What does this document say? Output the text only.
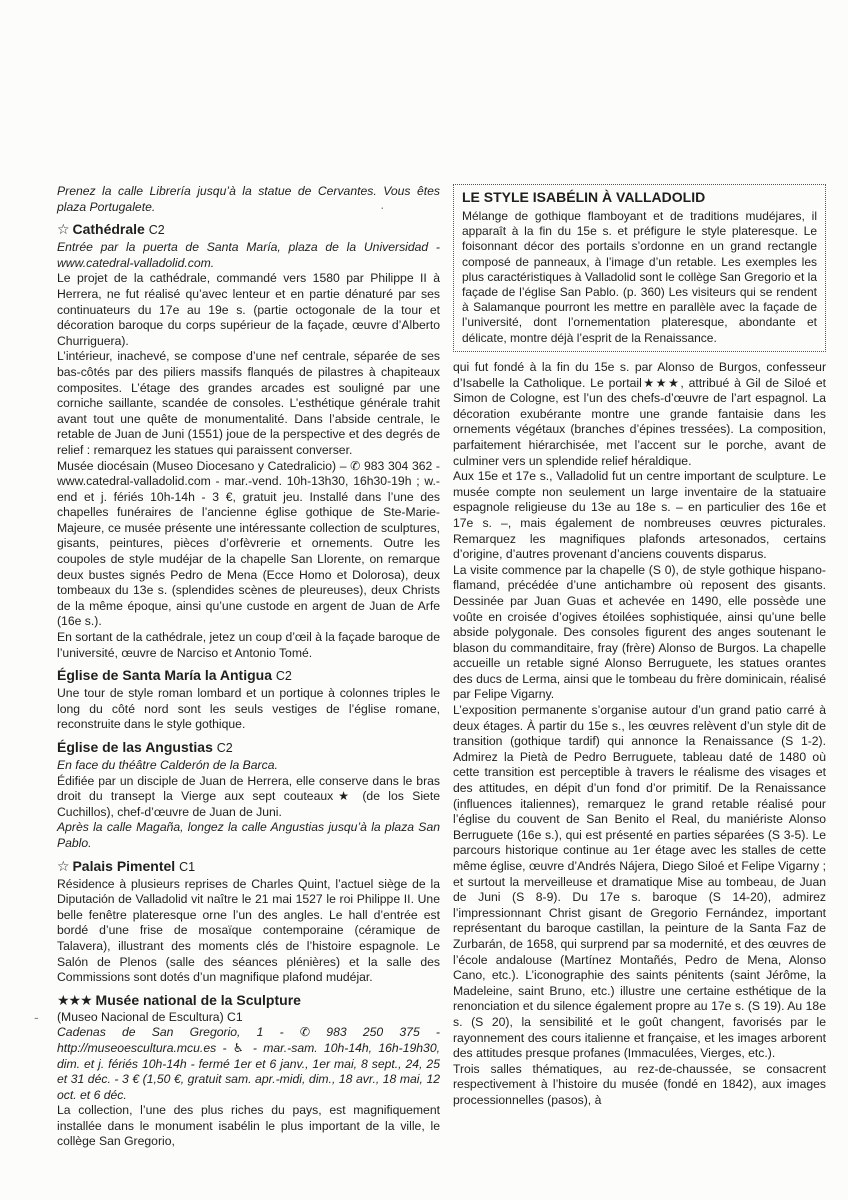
·
-

Prenez la calle Librería jusqu’à la statue de Cervantes. Vous êtes plaza Portugalete.

☆ Cathédrale C2

Entrée par la puerta de Santa María, plaza de la Universidad - www.catedral-valladolid.com.

Le projet de la cathédrale, commandé vers 1580 par Philippe II à Herrera, ne fut réalisé qu’avec lenteur et en partie dénaturé par ses continuateurs du 17e au 19e s. (partie octogonale de la tour et décoration baroque du corps supérieur de la façade, œuvre d’Alberto Churriguera).

L’intérieur, inachevé, se compose d’une nef centrale, séparée de ses bas-côtés par des piliers massifs flanqués de pilastres à chapiteaux composites. L’étage des grandes arcades est souligné par une corniche saillante, scandée de consoles. L’esthétique générale trahit avant tout une quête de monumentalité. Dans l’abside centrale, le retable de Juan de Juni (1551) joue de la perspective et des degrés de relief : remarquez les statues qui paraissent converser.

Musée diocésain (Museo Diocesano y Catedralicio) – ✆ 983 304 362 - www.catedral-valladolid.com - mar.-vend. 10h-13h30, 16h30-19h ; w.-end et j. fériés 10h-14h - 3 €, gratuit jeu. Installé dans l’une des chapelles funéraires de l’ancienne église gothique de Ste-Marie-Majeure, ce musée présente une intéressante collection de sculptures, gisants, peintures, pièces d’orfèvrerie et ornements. Outre les coupoles de style mudéjar de la chapelle San Llorente, on remarque deux bustes signés Pedro de Mena (Ecce Homo et Dolorosa), deux tombeaux du 13e s. (splendides scènes de pleureuses), deux Christs de la même époque, ainsi qu’une custode en argent de Juan de Arfe (16e s.).

En sortant de la cathédrale, jetez un coup d’œil à la façade baroque de l’université, œuvre de Narciso et Antonio Tomé.

Église de Santa María la Antigua C2

Une tour de style roman lombard et un portique à colonnes triples le long du côté nord sont les seuls vestiges de l’église romane, reconstruite dans le style gothique.

Église de las Angustias C2

En face du théâtre Calderón de la Barca.

Édifiée par un disciple de Juan de Herrera, elle conserve dans le bras droit du transept la Vierge aux sept couteaux★ (de los Siete Cuchillos), chef-d’œuvre de Juan de Juni.

Après la calle Magaña, longez la calle Angustias jusqu’à la plaza San Pablo.

☆ Palais Pimentel C1

Résidence à plusieurs reprises de Charles Quint, l’actuel siège de la Diputación de Valladolid vit naître le 21 mai 1527 le roi Philippe II. Une belle fenêtre plateresque orne l’un des angles. Le hall d’entrée est bordé d’une frise de mosaïque contemporaine (céramique de Talavera), illustrant des moments clés de l’histoire espagnole. Le Salón de Plenos (salle des séances plénières) et la salle des Commissions sont dotés d’un magnifique plafond mudéjar.

★★★ Musée national de la Sculpture

(Museo Nacional de Escultura) C1

Cadenas de San Gregorio, 1 - ✆ 983 250 375 - http://museoescultura.mcu.es - ♿ - mar.-sam. 10h-14h, 16h-19h30, dim. et j. fériés 10h-14h - fermé 1er et 6 janv., 1er mai, 8 sept., 24, 25 et 31 déc. - 3 € (1,50 €, gratuit sam. apr.-midi, dim., 18 avr., 18 mai, 12 oct. et 6 déc.

La collection, l’une des plus riches du pays, est magnifiquement installée dans le monument isabélin le plus important de la ville, le collège San Gregorio,

LE STYLE ISABÉLIN À VALLADOLID

Mélange de gothique flamboyant et de traditions mudéjares, il apparaît à la fin du 15e s. et préfigure le style plateresque. Le foisonnant décor des portails s’ordonne en un grand rectangle composé de panneaux, à l’image d’un retable. Les exemples les plus caractéristiques à Valladolid sont le collège San Gregorio et la façade de l’église San Pablo. (p. 360) Les visiteurs qui se rendent à Salamanque pourront les mettre en parallèle avec la façade de l’université, dont l’ornementation plateresque, abondante et délicate, montre déjà l’esprit de la Renaissance.

qui fut fondé à la fin du 15e s. par Alonso de Burgos, confesseur d’Isabelle la Catholique. Le portail★★★, attribué à Gil de Siloé et Simon de Cologne, est l’un des chefs-d’œuvre de l’art espagnol. La décoration exubérante montre une grande fantaisie dans les ornements végétaux (branches d’épines tressées). La composition, parfaitement hiérarchisée, met l’accent sur le porche, avant de culminer vers un splendide relief héraldique.

Aux 15e et 17e s., Valladolid fut un centre important de sculpture. Le musée compte non seulement un large inventaire de la statuaire espagnole religieuse du 13e au 18e s. – en particulier des 16e et 17e s. –, mais également de nombreuses œuvres picturales. Remarquez les magnifiques plafonds artesonados, certains d’origine, d’autres provenant d’anciens couvents disparus.

La visite commence par la chapelle (S 0), de style gothique hispano-flamand, précédée d’une antichambre où reposent des gisants. Dessinée par Juan Guas et achevée en 1490, elle possède une voûte en croisée d’ogives étoilées sophistiquée, ainsi qu’une belle abside polygonale. Des consoles figurent des anges soutenant le blason du commanditaire, fray (frère) Alonso de Burgos. La chapelle accueille un retable signé Alonso Berruguete, les statues orantes des ducs de Lerma, ainsi que le tombeau du frère dominicain, réalisé par Felipe Vigarny.

L’exposition permanente s’organise autour d’un grand patio carré à deux étages. À partir du 15e s., les œuvres relèvent d’un style dit de transition (gothique tardif) qui annonce la Renaissance (S 1-2). Admirez la Pietà de Pedro Berruguete, tableau daté de 1480 où cette transition est perceptible à travers le réalisme des visages et des attitudes, en dépit d’un fond d’or primitif. De la Renaissance (influences italiennes), remarquez le grand retable réalisé pour l’église du couvent de San Benito el Real, du maniériste Alonso Berruguete (16e s.), qui est présenté en parties séparées (S 3-5). Le parcours historique continue au 1er étage avec les stalles de cette même église, œuvre d’Andrés Nájera, Diego Siloé et Felipe Vigarny ; et surtout la merveilleuse et dramatique Mise au tombeau, de Juan de Juni (S 8-9). Du 17e s. baroque (S 14-20), admirez l’impressionnant Christ gisant de Gregorio Fernández, important représentant du baroque castillan, la peinture de la Santa Faz de Zurbarán, de 1658, qui surprend par sa modernité, et des œuvres de l’école andalouse (Martínez Montañés, Pedro de Mena, Alonso Cano, etc.). L’iconographie des saints pénitents (saint Jérôme, la Madeleine, saint Bruno, etc.) illustre une certaine esthétique de la renonciation et du silence également propre au 17e s. (S 19). Au 18e s. (S 20), la sensibilité et le goût changent, favorisés par le rayonnement des cours italienne et française, et les images arborent des attitudes presque profanes (Immaculées, Vierges, etc.).

Trois salles thématiques, au rez-de-chaussée, se consacrent respectivement à l’histoire du musée (fondé en 1842), aux images processionnelles (pasos), à
